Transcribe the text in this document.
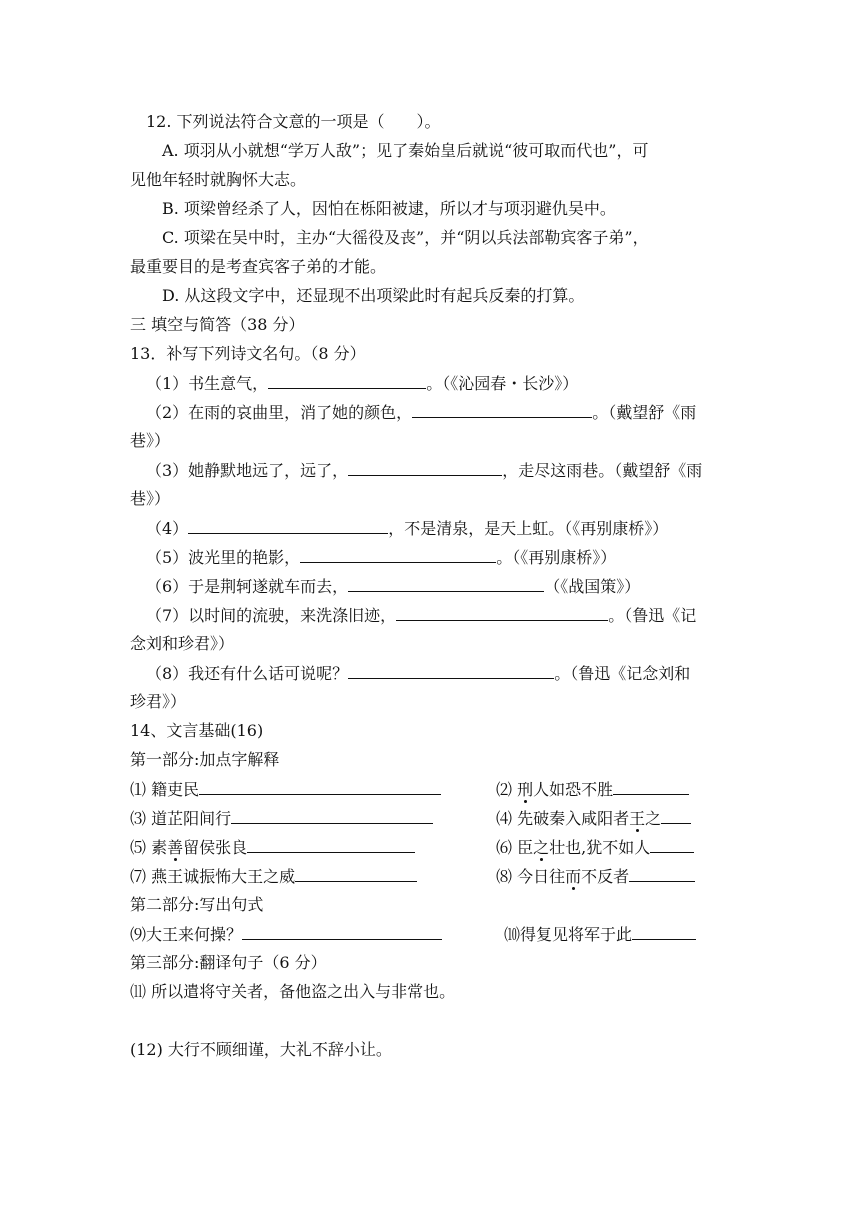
12. 下列说法符合文意的一项是（　　）。
A. 项羽从小就想“学万人敌”；见了秦始皇后就说“彼可取而代也”，可
见他年轻时就胸怀大志。
B. 项梁曾经杀了人，因怕在栎阳被逮，所以才与项羽避仇吴中。
C. 项梁在吴中时，主办“大徭役及丧”，并“阴以兵法部勒宾客子弟”，
最重要目的是考查宾客子弟的才能。
D. 从这段文字中，还显现不出项梁此时有起兵反秦的打算。
三 填空与简答（38 分）
13．补写下列诗文名句。（8 分）
（1）书生意气，	。（《沁园春・长沙》）
（2）在雨的哀曲里，消了她的颜色，	。（戴望舒《雨
巷》）
（3）她静默地远了，远了，	，走尽这雨巷。（戴望舒《雨
巷》）
（4）	，不是清泉，是天上虹。（《再别康桥》）
（5）波光里的艳影，	。（《再别康桥》）
（6）于是荆轲遂就车而去，	（《战国策》）
（7）以时间的流驶，来洗涤旧迹，	。（鲁迅《记
念刘和珍君》）
（8）我还有什么话可说呢？	。（鲁迅《记念刘和
珍君》）
14、文言基础(16)
第一部分:加点字解释
⑴ 籍吏民	⑵ 刑人如恐不胜
⑶ 道芷阳间行	⑷ 先破秦入咸阳者王之
⑸ 素善留侯张良	⑹ 臣之壮也,犹不如人
⑺ 燕王诚振怖大王之威	⑻ 今日往而不反者
第二部分:写出句式
⑼大王来何操？	⑽得复见将军于此
第三部分:翻译句子（6 分）
⑾ 所以遣将守关者，备他盗之出入与非常也。
(12) 大行不顾细谨，大礼不辞小让。
